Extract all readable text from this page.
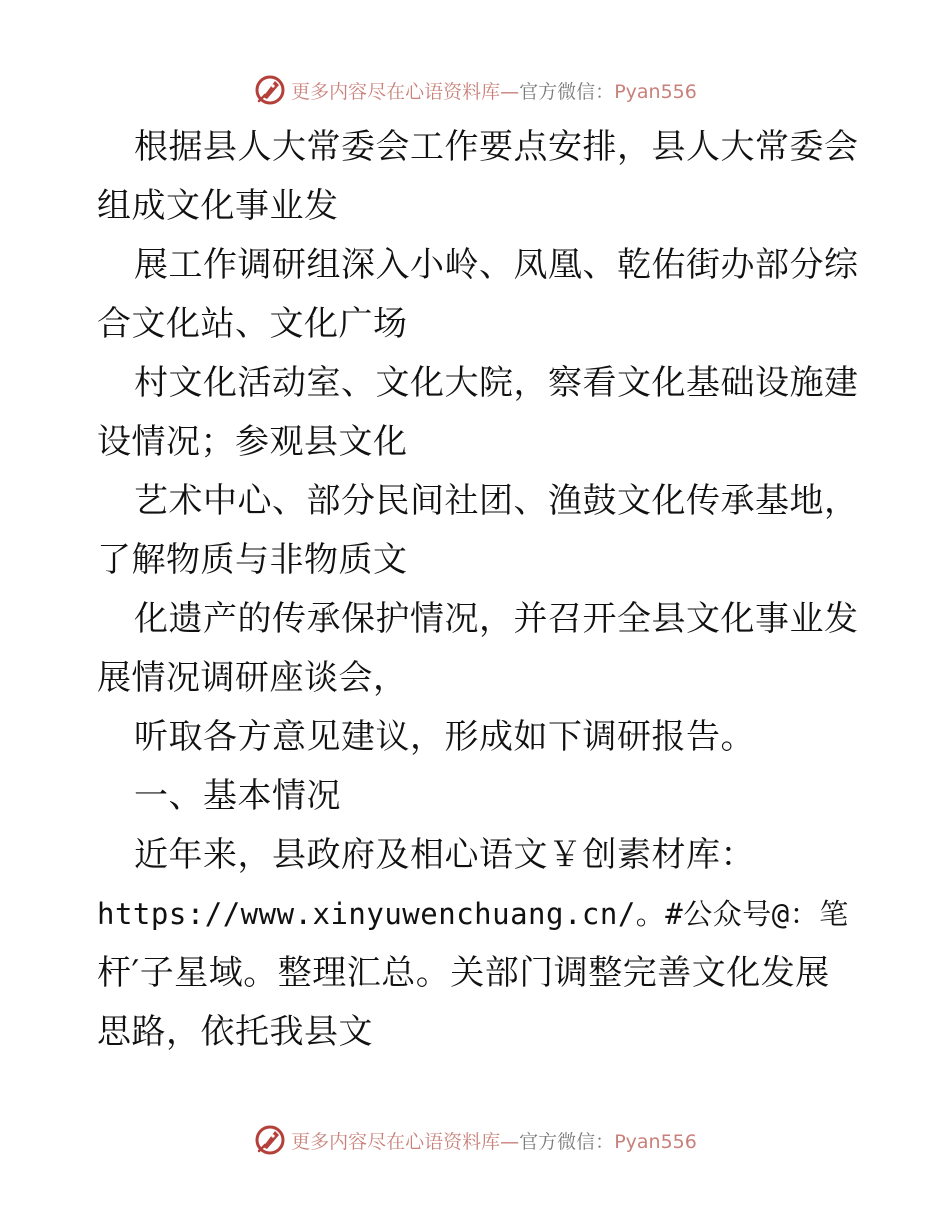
更多内容尽在心语资料库—官方微信：Pyan556
根据县人大常委会工作要点安排，县人大常委会
组成文化事业发
展工作调研组深入小岭、凤凰、乾佑街办部分综
合文化站、文化广场
村文化活动室、文化大院，察看文化基础设施建
设情况；参观县文化
艺术中心、部分民间社团、渔鼓文化传承基地，
了解物质与非物质文
化遗产的传承保护情况，并召开全县文化事业发
展情况调研座谈会，
听取各方意见建议，形成如下调研报告。
一、基本情况
近年来，县政府及相心语文￥创素材库：
https://www.xinyuwenchuang.cn/。#公众号@：笔
杆′子星域。整理汇总。关部门调整完善文化发展
思路，依托我县文
更多内容尽在心语资料库—官方微信：Pyan556
